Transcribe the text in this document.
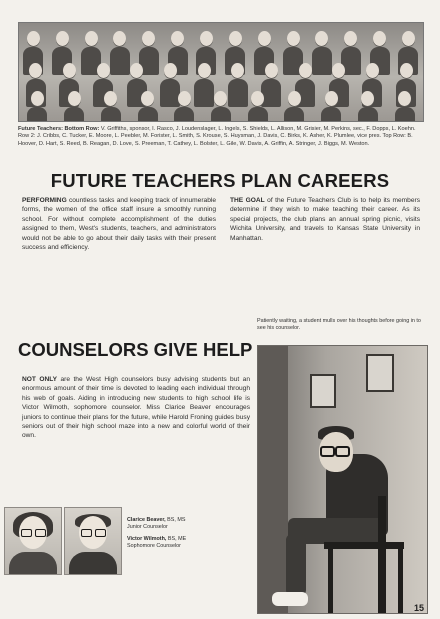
Future Teachers: Bottom Row: V. Griffiths, sponsor, I. Rasco, J. Loudenslager, L. Ingels, S. Shields, L. Allison, M. Grisier, M. Perkins, sec., F. Dopps, L. Koehn. Row 2: J. Cribbs, C. Tucker, E. Moore, L. Peebler, M. Forister, L. Smith, S. Krouse, S. Huysman, J. Davis, C. Birks, K. Asher, K. Plumlee, vice pres. Top Row: B. Hoover, D. Hart, S. Reed, B. Reagan, D. Love, S. Preeman, T. Cathey, L. Bolster, L. Gile, W. Davis, A. Griffin, A. Stringer, J. Biggs, M. Weston.
FUTURE TEACHERS PLAN CAREERS
PERFORMING countless tasks and keeping track of innumerable forms, the women of the office staff insure a smoothly running school. For without complete accomplishment of the duties assigned to them, West's students, teachers, and administrators would not be able to go about their daily tasks with their present success and efficiency.
THE GOAL of the Future Teachers Club is to help its members determine if they wish to make teaching their career. As its special projects, the club plans an annual spring picnic, visits Wichita University, and travels to Kansas State University in Manhattan.
Patiently waiting, a student mulls over his thoughts before going in to see his counselor.
COUNSELORS GIVE HELP
NOT ONLY are the West High counselors busy advising students but an enormous amount of their time is devoted to leading each individual through his web of goals. Aiding in introducing new students to high school life is Victor Wilmoth, sophomore counselor. Miss Clarice Beaver encourages juniors to continue their plans for the future, while Harold Froning guides busy seniors out of their high school maze into a new and colorful world of their own.
Clarice Beaver, BS, MS
Junior Counselor
Victor Wilmoth, BS, ME
Sophomore Counselor
15
